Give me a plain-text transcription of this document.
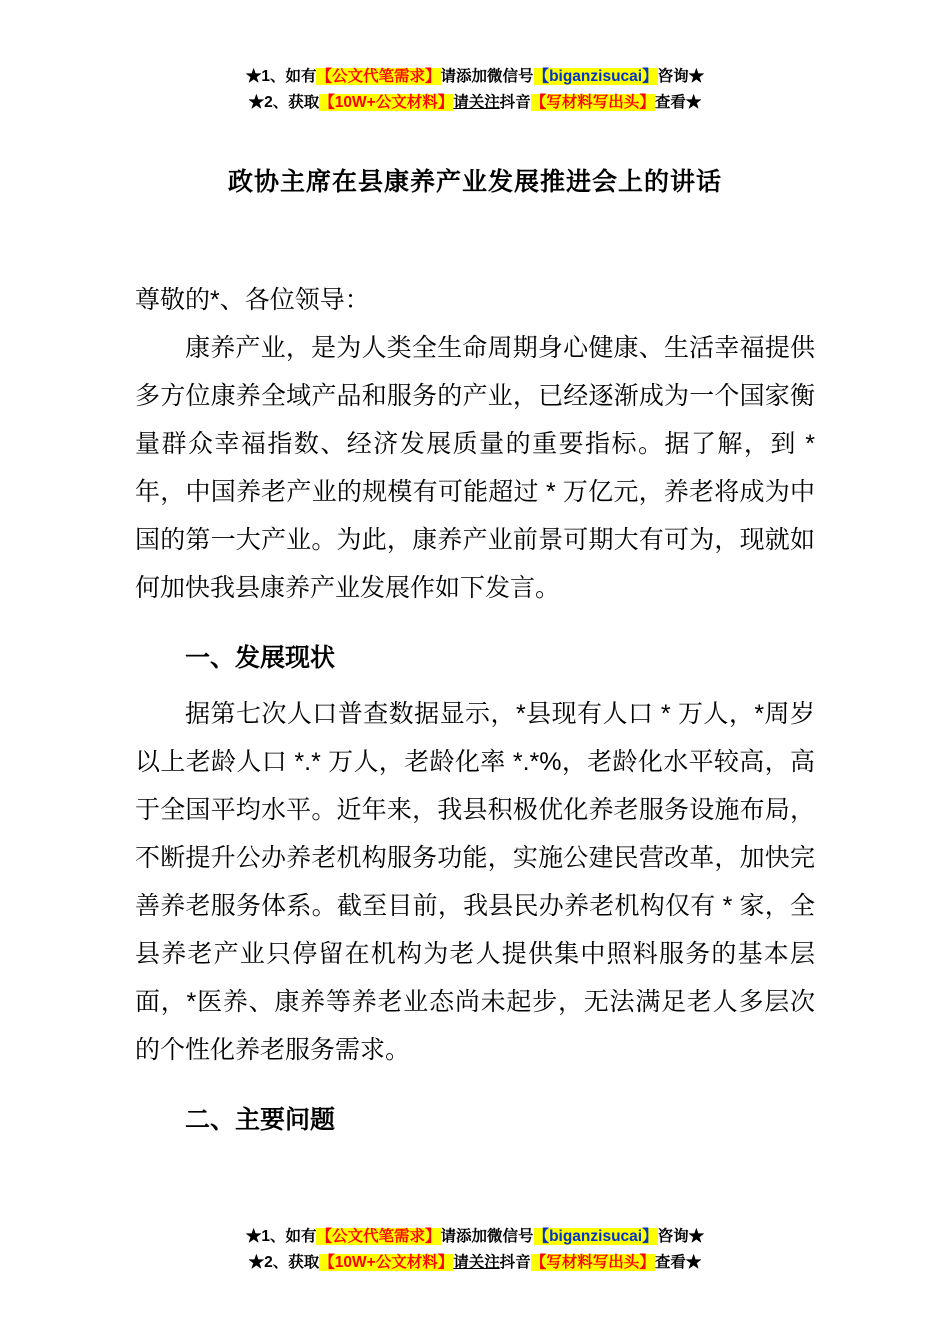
★1、如有【公文代笔需求】请添加微信号【biganzisucai】咨询★
★2、获取【10W+公文材料】请关注抖音【写材料写出头】查看★
政协主席在县康养产业发展推进会上的讲话
尊敬的*、各位领导：

康养产业，是为人类全生命周期身心健康、生活幸福提供多方位康养全域产品和服务的产业，已经逐渐成为一个国家衡量群众幸福指数、经济发展质量的重要指标。据了解，到 * 年，中国养老产业的规模有可能超过 * 万亿元，养老将成为中国的第一大产业。为此，康养产业前景可期大有可为，现就如何加快我县康养产业发展作如下发言。

一、发展现状

据第七次人口普查数据显示，*县现有人口 * 万人，*周岁以上老龄人口 *.* 万人，老龄化率 *.*%，老龄化水平较高，高于全国平均水平。近年来，我县积极优化养老服务设施布局，不断提升公办养老机构服务功能，实施公建民营改革，加快完善养老服务体系。截至目前，我县民办养老机构仅有 * 家，全县养老产业只停留在机构为老人提供集中照料服务的基本层面，*医养、康养等养老业态尚未起步，无法满足老人多层次的个性化养老服务需求。

二、主要问题
★1、如有【公文代笔需求】请添加微信号【biganzisucai】咨询★
★2、获取【10W+公文材料】请关注抖音【写材料写出头】查看★
